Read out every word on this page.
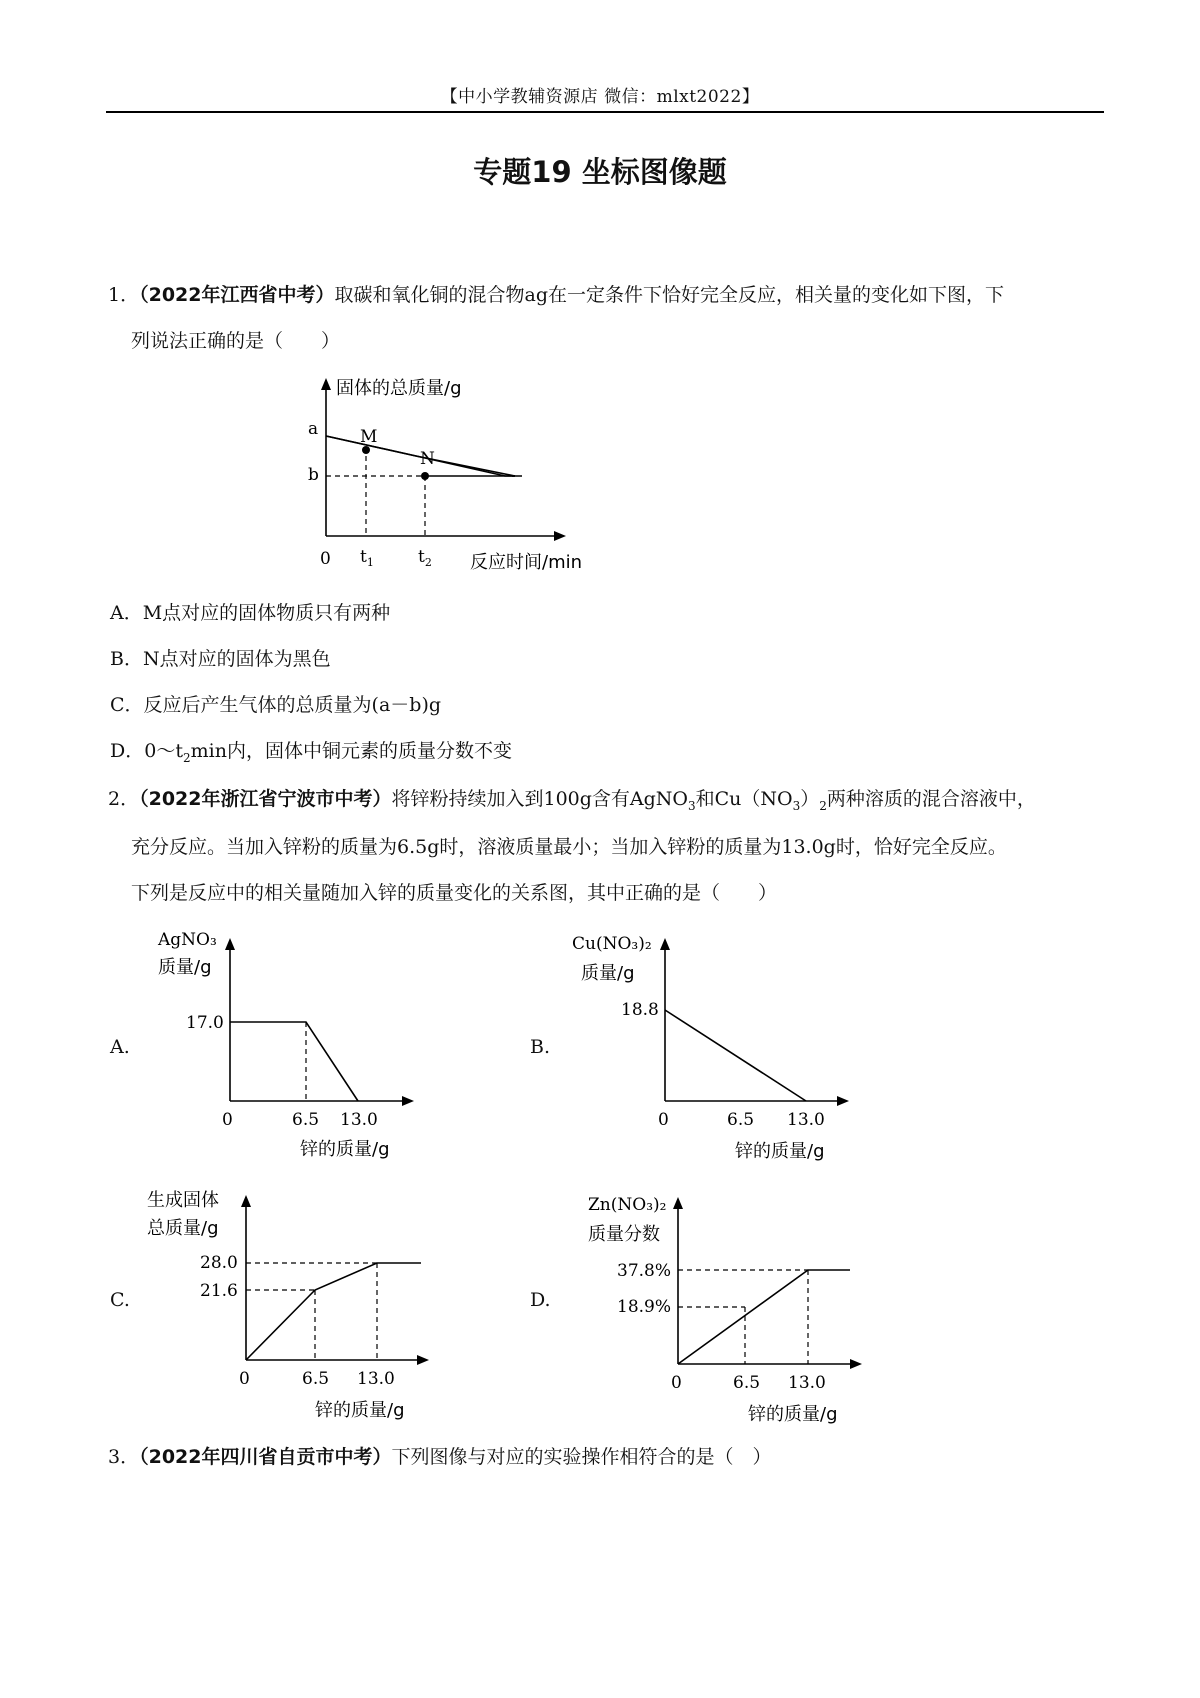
【中小学教辅资源店 微信：mlxt2022】
专题19 坐标图像题
1．（2022年江西省中考）取碳和氧化铜的混合物ag在一定条件下恰好完全反应，相关量的变化如下图，下
列说法正确的是（　　）
固体的总质量/g
a
b
M
N
0 $t_1$	$t_2$ 反应时间/min
A．M点对应的固体物质只有两种
B．N点对应的固体为黑色
C．反应后产生气体的总质量为(a－b)g
D．$0\sim t_2\min$内，固体中铜元素的质量分数不变
2．（2022年浙江省宁波市中考）将锌粉持续加入到100g含有AgNO$_3$和$Cu(NO_3)_2$两种溶质的混合溶液中，
充分反应。当加入锌粉的质量为6.5g时，溶液质量最小；当加入锌粉的质量为13.0g时，恰好完全反应。
下列是反应中的相关量随加入锌的质量变化的关系图，其中正确的是（　　）
A.
AgNO₃
质量/g
17.0
0	6.5 13.0
锌的质量/g
B.
Cu(NO₃)₂
质量/g
18.8
0	6.5 13.0
锌的质量/g
C.
生成固体
总质量/g
28.0
21.6
0	6.5 13.0
锌的质量/g
D.
Zn(NO₃)₂
质量分数
37.8%
18.9%
0	6.5 13.0
锌的质量/g
3．（2022年四川省自贡市中考）下列图像与对应的实验操作相符合的是（　）
